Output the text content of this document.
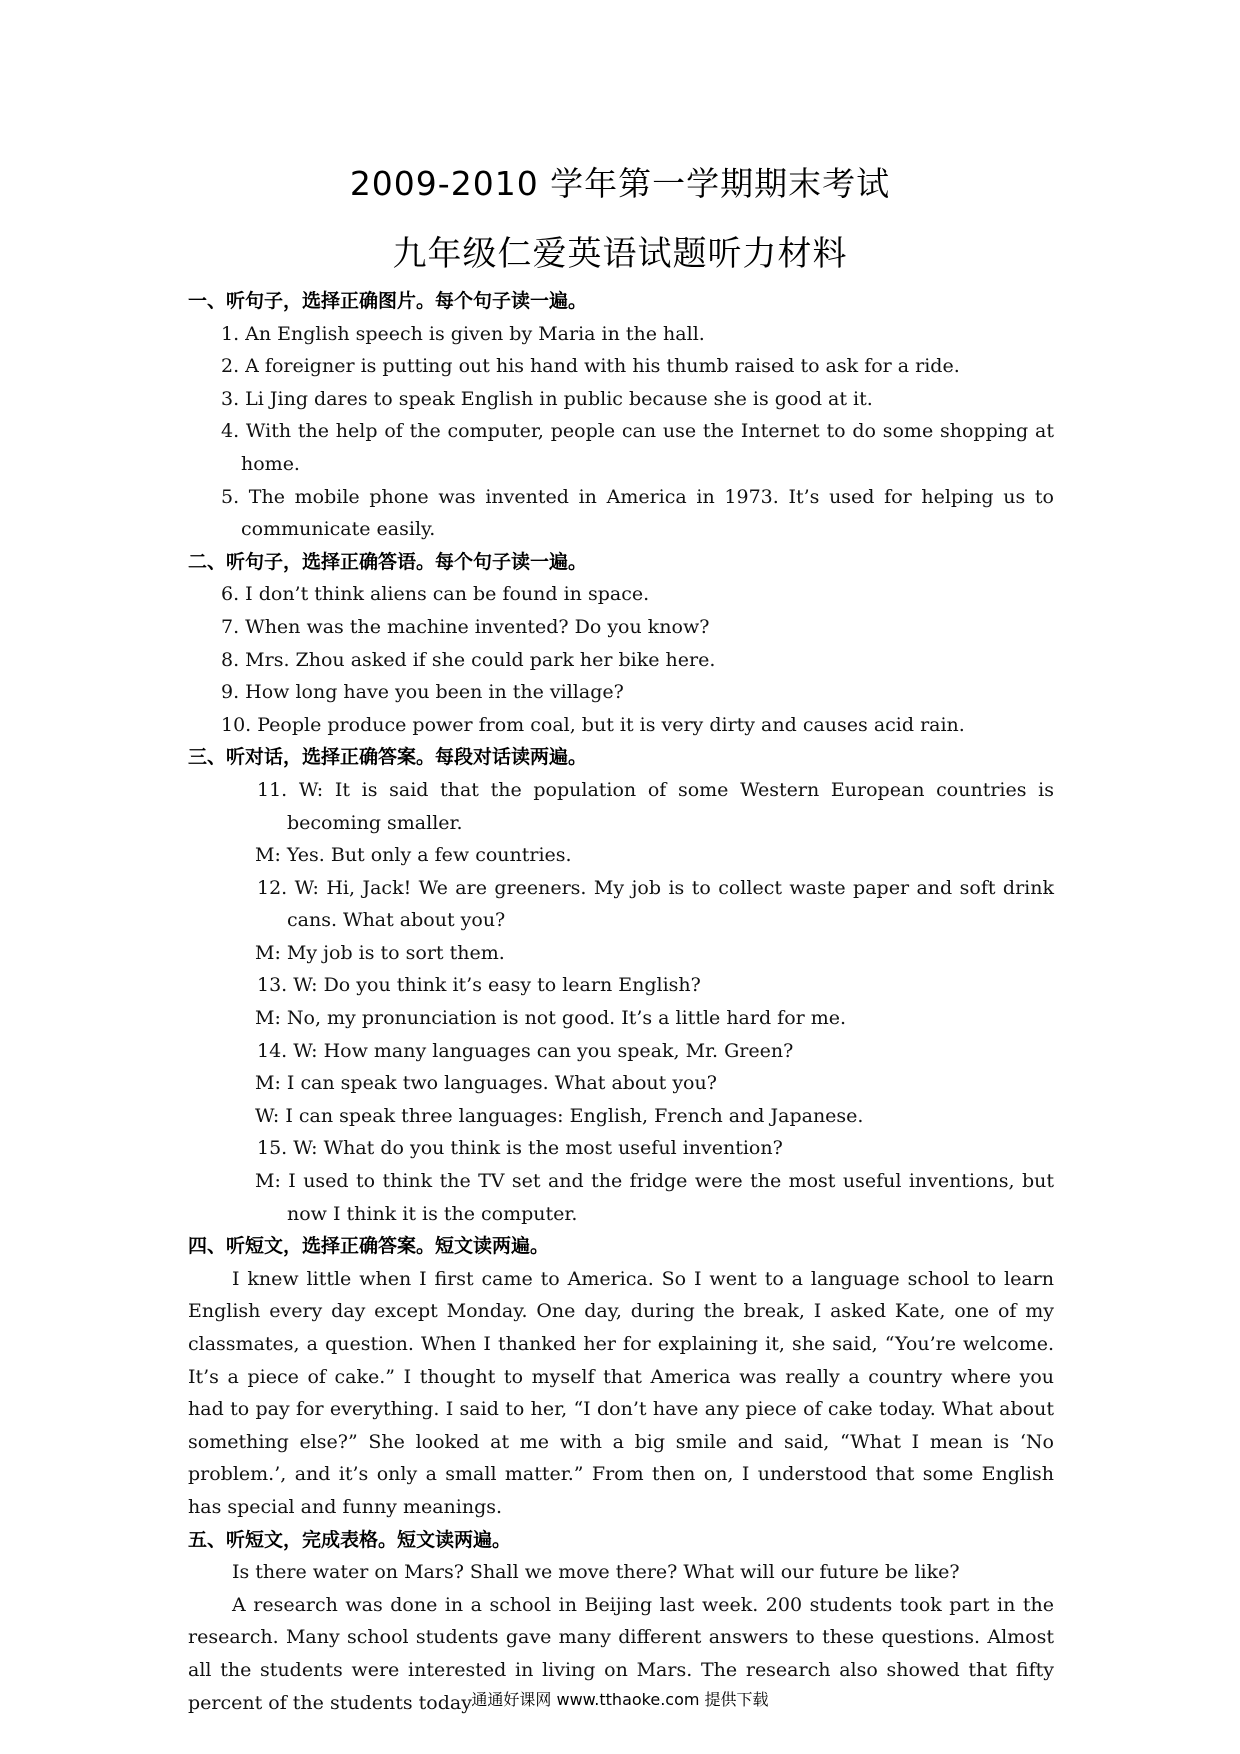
2009-2010 学年第一学期期末考试
九年级仁爱英语试题听力材料
一、听句子，选择正确图片。每个句子读一遍。
1. An English speech is given by Maria in the hall.
2. A foreigner is putting out his hand with his thumb raised to ask for a ride.
3. Li Jing dares to speak English in public because she is good at it.
4. With the help of the computer, people can use the Internet to do some shopping at home.
5. The mobile phone was invented in America in 1973. It’s used for helping us to communicate easily.
二、听句子，选择正确答语。每个句子读一遍。
6. I don’t think aliens can be found in space.
7. When was the machine invented? Do you know?
8. Mrs. Zhou asked if she could park her bike here.
9. How long have you been in the village?
10. People produce power from coal, but it is very dirty and causes acid rain.
三、听对话，选择正确答案。每段对话读两遍。
11. W: It is said that the population of some Western European countries is becoming smaller.
M: Yes. But only a few countries.
12. W: Hi, Jack! We are greeners. My job is to collect waste paper and soft drink cans. What about you?
M: My job is to sort them.
13. W: Do you think it’s easy to learn English?
M: No, my pronunciation is not good. It’s a little hard for me.
14. W: How many languages can you speak, Mr. Green?
M: I can speak two languages. What about you?
W: I can speak three languages: English, French and Japanese.
15. W: What do you think is the most useful invention?
M: I used to think the TV set and the fridge were the most useful inventions, but now I think it is the computer.
四、听短文，选择正确答案。短文读两遍。
I knew little when I first came to America. So I went to a language school to learn English every day except Monday. One day, during the break, I asked Kate, one of my classmates, a question. When I thanked her for explaining it, she said, “You’re welcome. It’s a piece of cake.” I thought to myself that America was really a country where you had to pay for everything. I said to her, “I don’t have any piece of cake today. What about something else?” She looked at me with a big smile and said, “What I mean is ‘No problem.’, and it’s only a small matter.” From then on, I understood that some English has special and funny meanings.
五、听短文，完成表格。短文读两遍。
Is there water on Mars? Shall we move there? What will our future be like?
A research was done in a school in Beijing last week. 200 students took part in the research. Many school students gave many different answers to these questions. Almost all the students were interested in living on Mars. The research also showed that fifty percent of the students today 通通好课网 www.tthaoke.com 提供下载
